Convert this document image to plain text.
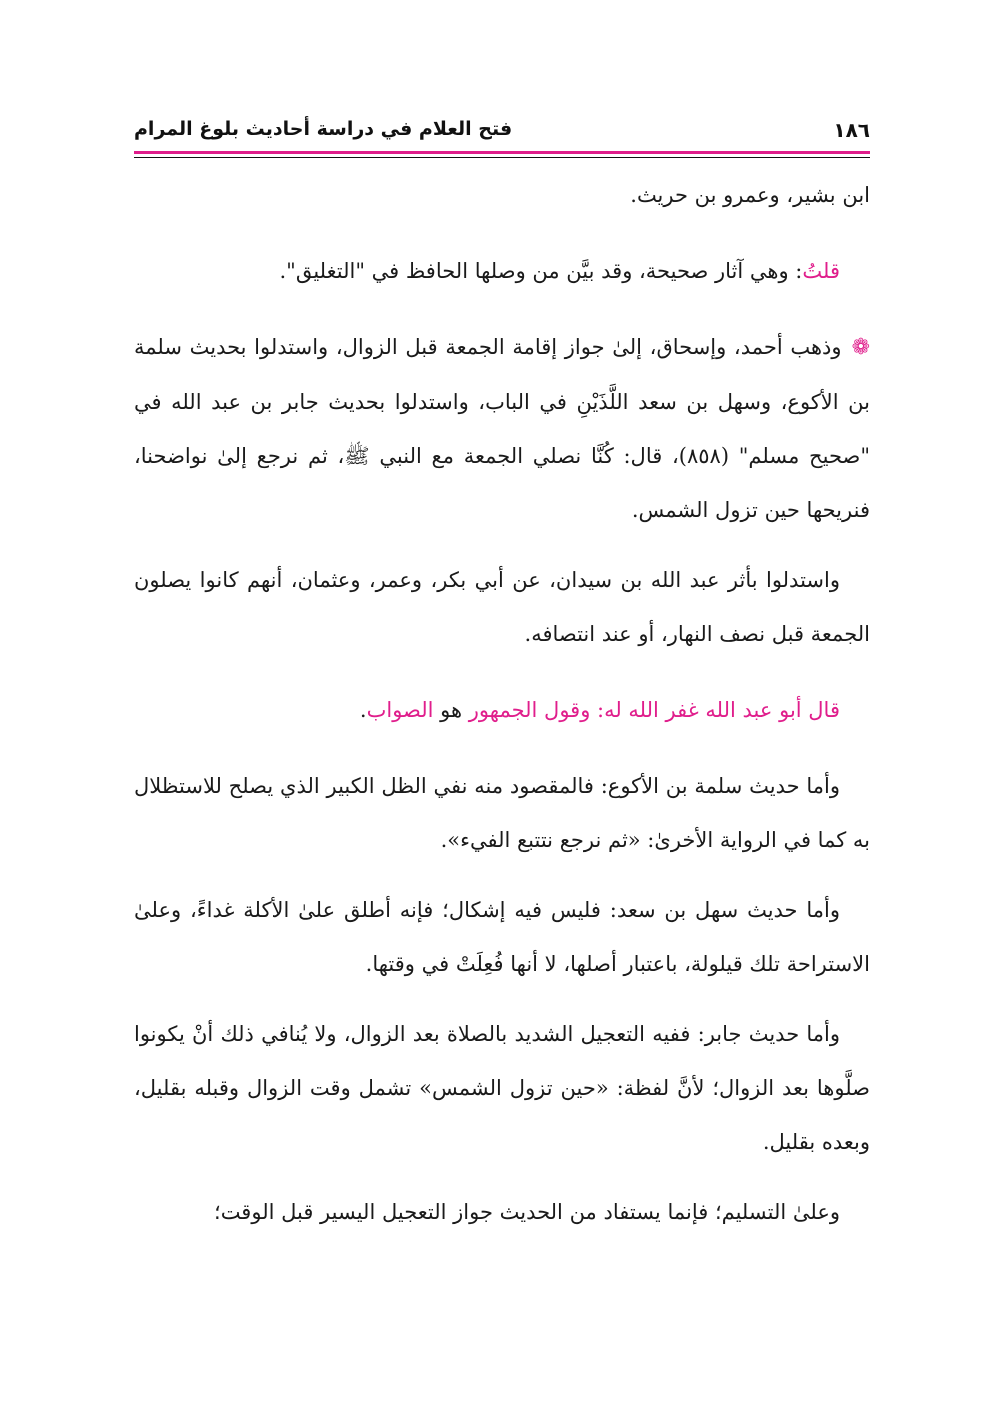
١٨٦
فتح العلام في دراسة أحاديث بلوغ المرام

ابن بشير، وعمرو بن حريث.

قلتُ: وهي آثار صحيحة، وقد بيَّن من وصلها الحافظ في "التغليق".

❁وذهب أحمد، وإسحاق، إلىٰ جواز إقامة الجمعة قبل الزوال، واستدلوا بحديث سلمة بن الأكوع، وسهل بن سعد اللَّذَيْنِ في الباب، واستدلوا بحديث جابر بن عبد الله في "صحيح مسلم" (٨٥٨)، قال: كُنَّا نصلي الجمعة مع النبي ﷺ، ثم نرجع إلىٰ نواضحنا، فنريحها حين تزول الشمس.

واستدلوا بأثر عبد الله بن سيدان، عن أبي بكر، وعمر، وعثمان، أنهم كانوا يصلون الجمعة قبل نصف النهار، أو عند انتصافه.

قال أبو عبد الله غفر الله له: وقول الجمهور هو الصواب.

وأما حديث سلمة بن الأكوع: فالمقصود منه نفي الظل الكبير الذي يصلح للاستظلال به كما في الرواية الأخرىٰ: «ثم نرجع نتتبع الفيء».

وأما حديث سهل بن سعد: فليس فيه إشكال؛ فإنه أطلق علىٰ الأكلة غداءً، وعلىٰ الاستراحة تلك قيلولة، باعتبار أصلها، لا أنها فُعِلَتْ في وقتها.

وأما حديث جابر: ففيه التعجيل الشديد بالصلاة بعد الزوال، ولا يُنافي ذلك أنْ يكونوا صلَّوها بعد الزوال؛ لأنَّ لفظة: «حين تزول الشمس» تشمل وقت الزوال وقبله بقليل، وبعده بقليل.

وعلىٰ التسليم؛ فإنما يستفاد من الحديث جواز التعجيل اليسير قبل الوقت؛
